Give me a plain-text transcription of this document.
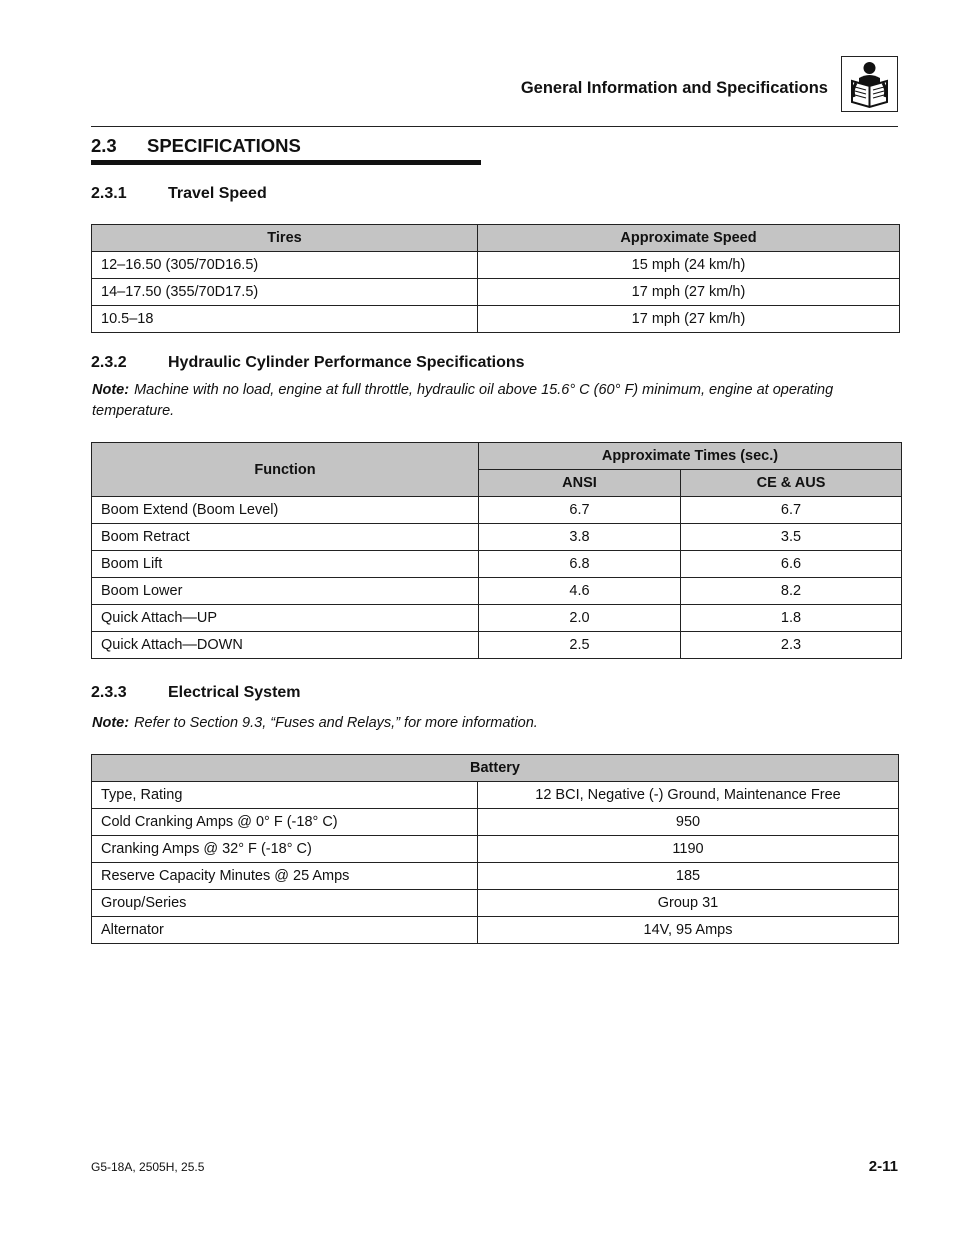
General Information and Specifications
2.3 SPECIFICATIONS
2.3.1	Travel Speed
Tires	Approximate Speed
12–16.50 (305/70D16.5)	15 mph (24 km/h)
14–17.50 (355/70D17.5)	17 mph (27 km/h)
10.5–18	17 mph (27 km/h)
2.3.2	Hydraulic Cylinder Performance Specifications
Note: Machine with no load, engine at full throttle, hydraulic oil above 15.6° C (60° F) minimum, engine at operating temperature.
Function	Approximate Times (sec.)	
	ANSI	CE & AUS
Boom Extend (Boom Level)	6.7	6.7
Boom Retract	3.8	3.5
Boom Lift	6.8	6.6
Boom Lower	4.6	8.2
Quick Attach—UP	2.0	1.8
Quick Attach—DOWN	2.5	2.3
2.3.3	Electrical System
Note: Refer to Section 9.3, “Fuses and Relays,” for more information.
Battery	
Type, Rating	12 BCI, Negative (-) Ground, Maintenance Free
Cold Cranking Amps @ 0° F (-18° C)	950
Cranking Amps @ 32° F (-18° C)	1190
Reserve Capacity Minutes @ 25 Amps	185
Group/Series	Group 31
Alternator	14V, 95 Amps
G5-18A, 2505H, 25.5	2-11
